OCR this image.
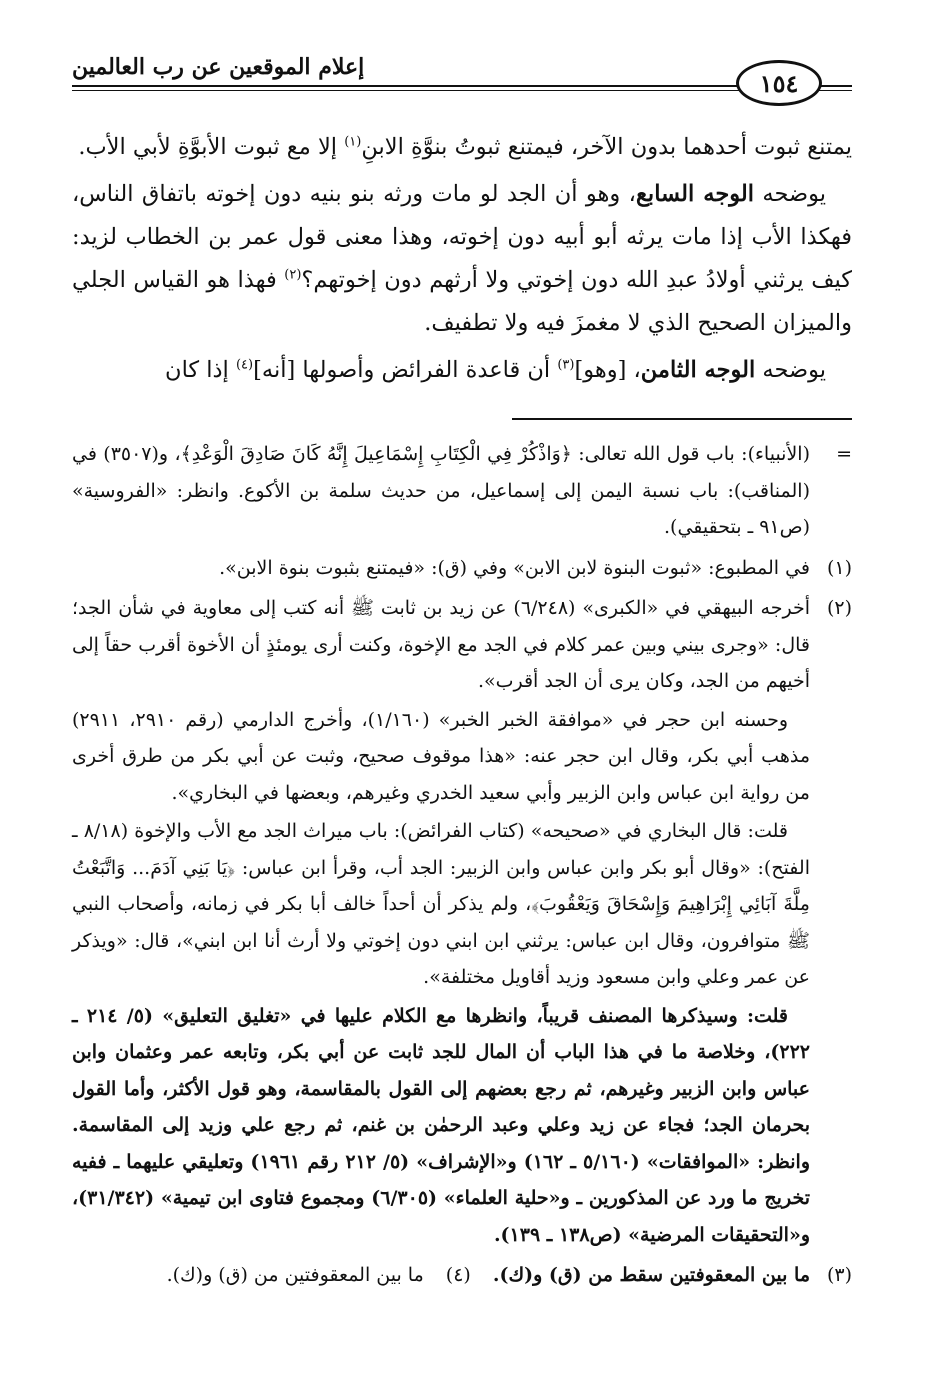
١٥٤
إعلام الموقعين عن رب العالمين

يمتنع ثبوت أحدهما بدون الآخر، فيمتنع ثبوتُ بنوَّةِ الابنِ$^{(١)}$ إلا مع ثبوت الأبوَّةِ لأبي الأب.

يوضحه الوجه السابع، وهو أن الجد لو مات ورثه بنو بنيه دون إخوته باتفاق الناس، فهكذا الأب إذا مات يرثه أبو أبيه دون إخوته، وهذا معنى قول عمر بن الخطاب لزيد: كيف يرثني أولادُ عبدِ الله دون إخوتي ولا أرثهم دون إخوتهم؟$^{(٢)}$ فهذا هو القياس الجلي والميزان الصحيح الذي لا مغمزَ فيه ولا تطفيف.

يوضحه الوجه الثامن، [وهو]$^{(٣)}$ أن قاعدة الفرائض وأصولها [أنه]$^{(٤)}$ إذا كان

=

(الأنبياء): باب قول الله تعالى: ﴿وَاذْكُرْ فِي الْكِتَابِ إِسْمَاعِيلَ إِنَّهُ كَانَ صَادِقَ الْوَعْدِ﴾، و(٣٥٠٧) في (المناقب): باب نسبة اليمن إلى إسماعيل، من حديث سلمة بن الأكوع. وانظر: «الفروسية» (ص٩١ ـ بتحقيقي).

(١)

في المطبوع: «ثبوت البنوة لابن الابن» وفي (ق): «فيمتنع بثبوت بنوة الابن».

(٢)

أخرجه البيهقي في «الكبرى» (٦/٢٤٨) عن زيد بن ثابت ﷺ أنه كتب إلى معاوية في شأن الجد؛ قال: «وجرى بيني وبين عمر كلام في الجد مع الإخوة، وكنت أرى يومئذٍ أن الأخوة أقرب حقاً إلى أخيهم من الجد، وكان يرى أن الجد أقرب».

وحسنه ابن حجر في «موافقة الخبر الخبر» (١/١٦٠)، وأخرج الدارمي (رقم ٢٩١٠، ٢٩١١) مذهب أبي بكر، وقال ابن حجر عنه: «هذا موقوف صحيح، وثبت عن أبي بكر من طرق أخرى من رواية ابن عباس وابن الزبير وأبي سعيد الخدري وغيرهم، وبعضها في البخاري».

قلت: قال البخاري في «صحيحه» (كتاب الفرائض): باب ميراث الجد مع الأب والإخوة (٨/١٨ ـ الفتح): «وقال أبو بكر وابن عباس وابن الزبير: الجد أب، وقرأ ابن عباس: ﴿يَا بَنِي آدَمَ... وَاتَّبَعْتُ مِلَّةَ آبَائِي إِبْرَاهِيمَ وَإِسْحَاقَ وَيَعْقُوبَ﴾، ولم يذكر أن أحداً خالف أبا بكر في زمانه، وأصحاب النبي ﷺ متوافرون، وقال ابن عباس: يرثني ابن ابني دون إخوتي ولا أرث أنا ابن ابني»، قال: «ويذكر عن عمر وعلي وابن مسعود وزيد أقاويل مختلفة».

قلت: وسيذكرها المصنف قريباً، وانظرها مع الكلام عليها في «تغليق التعليق» (٥/ ٢١٤ ـ ٢٢٢)، وخلاصة ما في هذا الباب أن المال للجد ثابت عن أبي بكر، وتابعه عمر وعثمان وابن عباس وابن الزبير وغيرهم، ثم رجع بعضهم إلى القول بالمقاسمة، وهو قول الأكثر، وأما القول بحرمان الجد؛ فجاء عن زيد وعلي وعبد الرحمٰن بن غنم، ثم رجع علي وزيد إلى المقاسمة. وانظر: «الموافقات» (٥/١٦٠ ـ ١٦٢) و«الإشراف» (٥/ ٢١٢ رقم ١٩٦١) وتعليقي عليهما ـ ففيه تخريج ما ورد عن المذكورين ـ و«حلية العلماء» (٦/٣٠٥) ومجموع فتاوى ابن تيمية» (٣١/٣٤٢)، و«التحقيقات المرضية» (ص١٣٨ ـ ١٣٩).

(٣)
ما بين المعقوفتين سقط من (ق) و(ك).
(٤)
ما بين المعقوفتين من (ق) و(ك).
